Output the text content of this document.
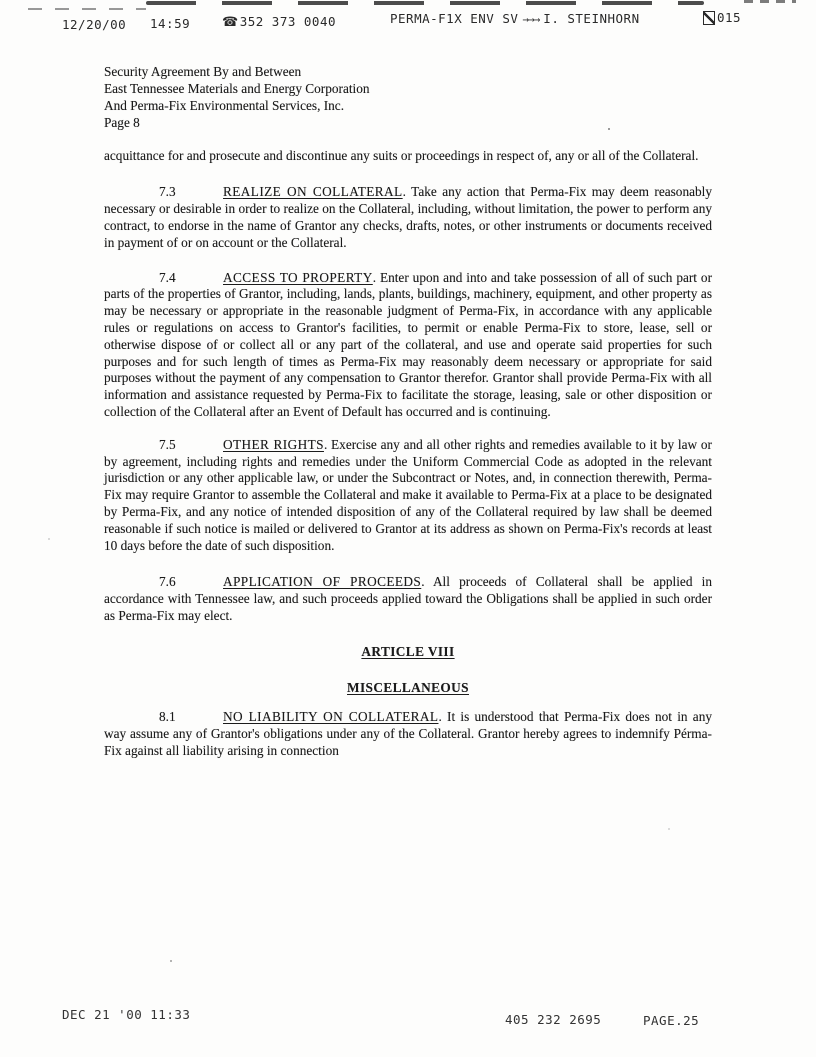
12/20/00 14:59 ☎352 373 0040	PERMA-F1X ENV SV →→→ I. STEINHORN	015
Security Agreement By and Between
East Tennessee Materials and Energy Corporation
And Perma-Fix Environmental Services, Inc.
Page 8
acquittance for and prosecute and discontinue any suits or proceedings in respect of, any or all of the Collateral.
7.3	REALIZE ON COLLATERAL. Take any action that Perma-Fix may deem reasonably necessary or desirable in order to realize on the Collateral, including, without limitation, the power to perform any contract, to endorse in the name of Grantor any checks, drafts, notes, or other instruments or documents received in payment of or on account or the Collateral.
7.4	ACCESS TO PROPERTY. Enter upon and into and take possession of all of such part or parts of the properties of Grantor, including, lands, plants, buildings, machinery, equipment, and other property as may be necessary or appropriate in the reasonable judgment of Perma-Fix, in accordance with any applicable rules or regulations on access to Grantor's facilities, to permit or enable Perma-Fix to store, lease, sell or otherwise dispose of or collect all or any part of the collateral, and use and operate said properties for such purposes and for such length of times as Perma-Fix may reasonably deem necessary or appropriate for said purposes without the payment of any compensation to Grantor therefor. Grantor shall provide Perma-Fix with all information and assistance requested by Perma-Fix to facilitate the storage, leasing, sale or other disposition or collection of the Collateral after an Event of Default has occurred and is continuing.
7.5	OTHER RIGHTS. Exercise any and all other rights and remedies available to it by law or by agreement, including rights and remedies under the Uniform Commercial Code as adopted in the relevant jurisdiction or any other applicable law, or under the Subcontract or Notes, and, in connection therewith, Perma-Fix may require Grantor to assemble the Collateral and make it available to Perma-Fix at a place to be designated by Perma-Fix, and any notice of intended disposition of any of the Collateral required by law shall be deemed reasonable if such notice is mailed or delivered to Grantor at its address as shown on Perma-Fix's records at least 10 days before the date of such disposition.
7.6	APPLICATION OF PROCEEDS. All proceeds of Collateral shall be applied in accordance with Tennessee law, and such proceeds applied toward the Obligations shall be applied in such order as Perma-Fix may elect.
ARTICLE VIII
MISCELLANEOUS
8.1	NO LIABILITY ON COLLATERAL. It is understood that Perma-Fix does not in any way assume any of Grantor's obligations under any of the Collateral. Grantor hereby agrees to indemnify Pérma-Fix against all liability arising in connection
DEC 21 '00 11:33	405 232 2695	PAGE.25
